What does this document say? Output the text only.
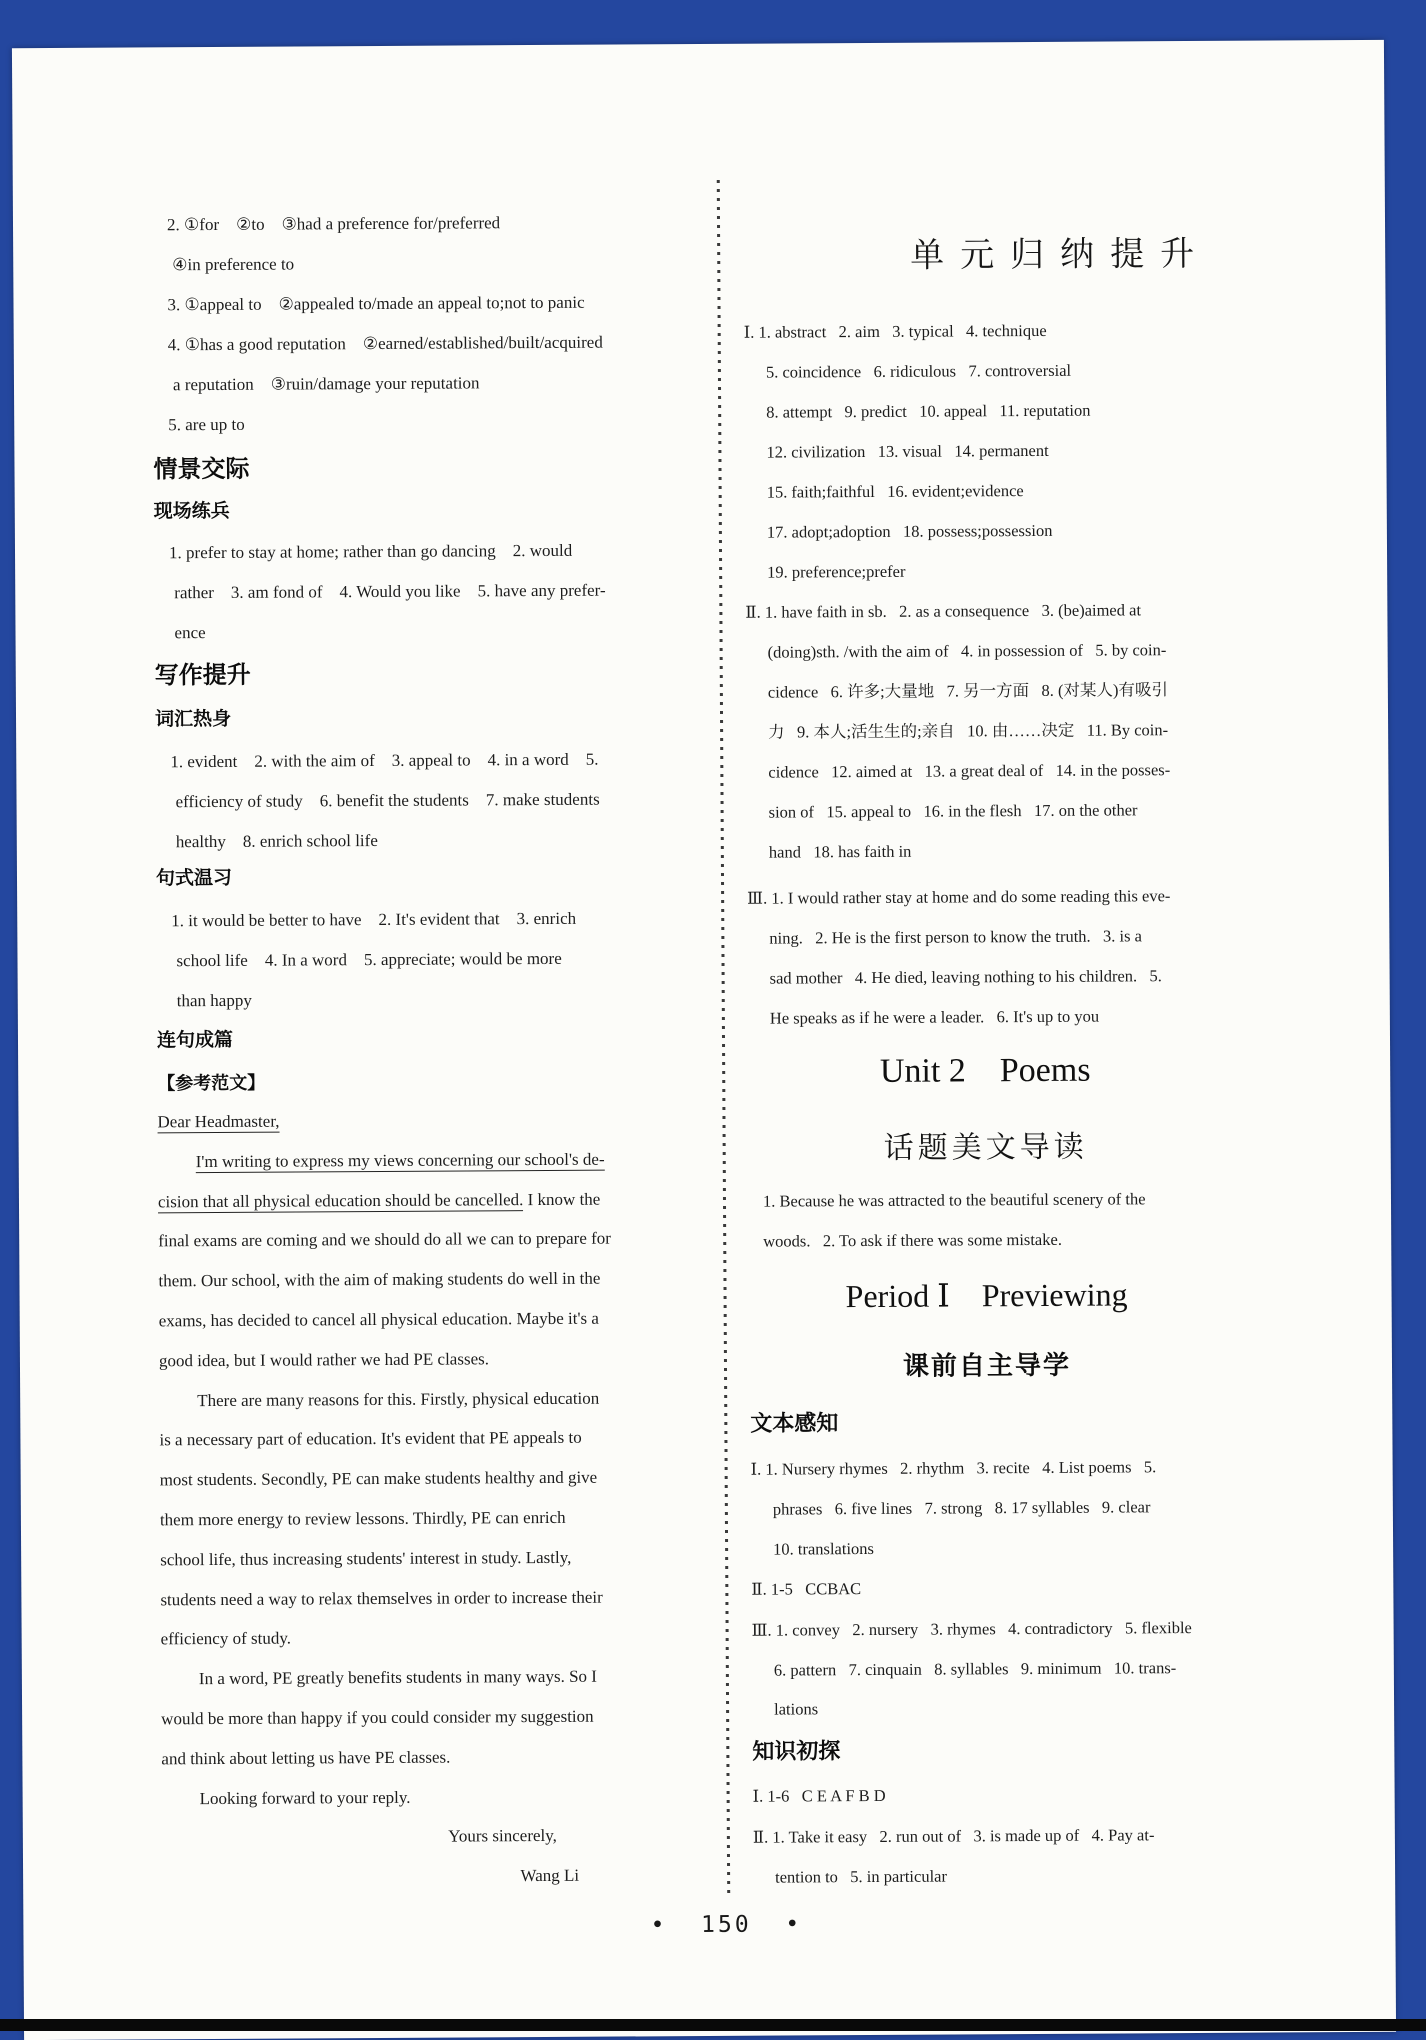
2. ①for    ②to    ③had a preference for/preferred
④in preference to
3. ①appeal to    ②appealed to/made an appeal to;not to panic
4. ①has a good reputation    ②earned/established/built/acquired
a reputation    ③ruin/damage your reputation
5. are up to
情景交际
现场练兵
1. prefer to stay at home; rather than go dancing    2. would
rather    3. am fond of    4. Would you like    5. have any prefer-
ence
写作提升
词汇热身
1. evident    2. with the aim of    3. appeal to    4. in a word    5.
efficiency of study    6. benefit the students    7. make students
healthy    8. enrich school life
句式温习
1. it would be better to have    2. It's evident that    3. enrich
school life    4. In a word    5. appreciate; would be more
than happy
连句成篇
【参考范文】
Dear Headmaster,
I'm writing to express my views concerning our school's de-
cision that all physical education should be cancelled. I know the
final exams are coming and we should do all we can to prepare for
them. Our school, with the aim of making students do well in the
exams, has decided to cancel all physical education. Maybe it's a
good idea, but I would rather we had PE classes.
There are many reasons for this. Firstly, physical education
is a necessary part of education. It's evident that PE appeals to
most students. Secondly, PE can make students healthy and give
them more energy to review lessons. Thirdly, PE can enrich
school life, thus increasing students' interest in study. Lastly,
students need a way to relax themselves in order to increase their
efficiency of study.
In a word, PE greatly benefits students in many ways. So I
would be more than happy if you could consider my suggestion
and think about letting us have PE classes.
Looking forward to your reply.
Yours sincerely,
Wang Li
单元归纳提升
Ⅰ. 1. abstract   2. aim   3. typical   4. technique
5. coincidence   6. ridiculous   7. controversial
8. attempt   9. predict   10. appeal   11. reputation
12. civilization   13. visual   14. permanent
15. faith;faithful   16. evident;evidence
17. adopt;adoption   18. possess;possession
19. preference;prefer
Ⅱ. 1. have faith in sb.   2. as a consequence   3. (be)aimed at
(doing)sth. /with the aim of   4. in possession of   5. by coin-
cidence   6. 许多;大量地   7. 另一方面   8. (对某人)有吸引
力   9. 本人;活生生的;亲自   10. 由……决定   11. By coin-
cidence   12. aimed at   13. a great deal of   14. in the posses-
sion of   15. appeal to   16. in the flesh   17. on the other
hand   18. has faith in
Ⅲ. 1. I would rather stay at home and do some reading this eve-
ning.   2. He is the first person to know the truth.   3. is a
sad mother   4. He died, leaving nothing to his children.   5.
He speaks as if he were a leader.   6. It's up to you
Unit 2    Poems
话题美文导读
1. Because he was attracted to the beautiful scenery of the
woods.   2. To ask if there was some mistake.
Period Ⅰ    Previewing
课前自主导学
文本感知
Ⅰ. 1. Nursery rhymes   2. rhythm   3. recite   4. List poems   5.
phrases   6. five lines   7. strong   8. 17 syllables   9. clear
10. translations
Ⅱ. 1-5   CCBAC
Ⅲ. 1. convey   2. nursery   3. rhymes   4. contradictory   5. flexible
6. pattern   7. cinquain   8. syllables   9. minimum   10. trans-
lations
知识初探
Ⅰ. 1-6   C E A F B D
Ⅱ. 1. Take it easy   2. run out of   3. is made up of   4. Pay at-
tention to   5. in particular
•  150  •
